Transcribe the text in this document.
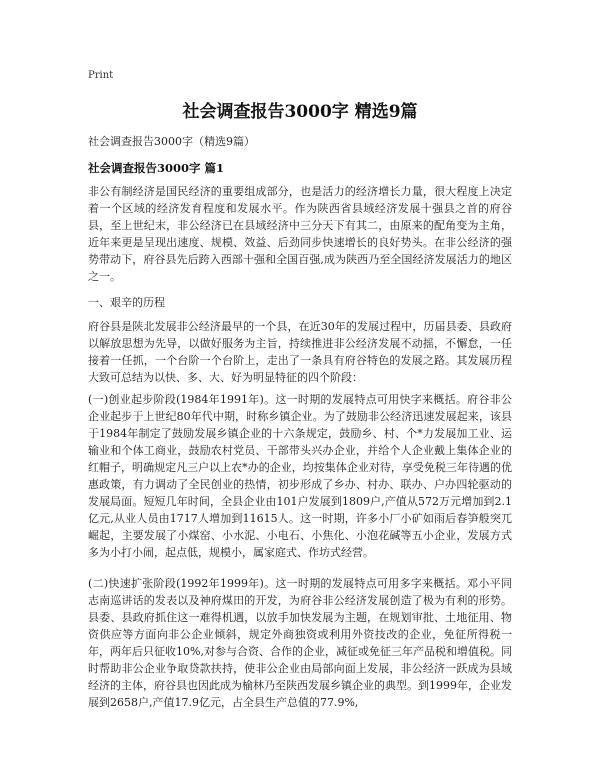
Print
社会调查报告3000字 精选9篇
社会调查报告3000字（精选9篇）
社会调查报告3000字 篇1
非公有制经济是国民经济的重要组成部分，也是活力的经济增长力量，很大程度上决定着一个区域的经济发育程度和发展水平。作为陕西省县域经济发展十强县之首的府谷县，至上世纪末，非公经济已在县域经济中三分天下有其二，由原来的配角变为主角，近年来更是呈现出速度、规模、效益、后劲同步快速增长的良好势头。在非公经济的强势带动下，府谷县先后跨入西部十强和全国百强,成为陕西乃至全国经济发展活力的地区之一。
一、艰辛的历程
府谷县是陕北发展非公经济最早的一个县，在近30年的发展过程中，历届县委、县政府以解放思想为先导，以做好服务为主旨，持续推进非公经济发展不动摇，不懈怠，一任接着一任抓，一个台阶一个台阶上，走出了一条具有府谷特色的发展之路。其发展历程大致可总结为以快、多、大、好为明显特征的四个阶段：
(一)创业起步阶段(1984年1991年)。这一时期的发展特点可用快字来概括。府谷非公企业起步于上世纪80年代中期，时称乡镇企业。为了鼓励非公经济迅速发展起来，该县于1984年制定了鼓励发展乡镇企业的十六条规定，鼓励乡、村、个*力发展加工业、运输业和个体工商业，鼓励农村党员、干部带头兴办企业，并给个人企业戴上集体企业的红帽子，明确规定凡三户以上农*办的企业，均按集体企业对待，享受免税三年待遇的优惠政策，有力调动了全民创业的热情，初步形成了乡办、村办、联办、户办四轮驱动的发展局面。短短几年时间，全县企业由101户发展到1809户,产值从572万元增加到2.1亿元,从业人员由1717人增加到11615人。这一时期，许多小厂小矿如雨后春笋般突兀崛起，主要发展了小煤窑、小水泥、小电石、小焦化、小泡花碱等五小企业，发展方式多为小打小闹，起点低，规模小，属家庭式、作坊式经营。
(二)快速扩张阶段(1992年1999年)。这一时期的发展特点可用多字来概括。邓小平同志南巡讲话的发表以及神府煤田的开发，为府谷非公经济发展创造了极为有利的形势。县委、县政府抓住这一难得机遇，以放手加快发展为主题，在规划审批、土地征用、物资供应等方面向非公企业倾斜，规定外商独资或利用外资技改的企业，免征所得税一年，两年后只征收10%,对参与合资、合作的企业，减征或免征三年产品税和增值税。同时帮助非公企业争取贷款扶持，使非公企业由局部向面上发展，非公经济一跃成为县域经济的主体，府谷县也因此成为榆林乃至陕西发展乡镇企业的典型。到1999年，企业发展到2658户,产值17.9亿元，占全县生产总值的77.9%,
